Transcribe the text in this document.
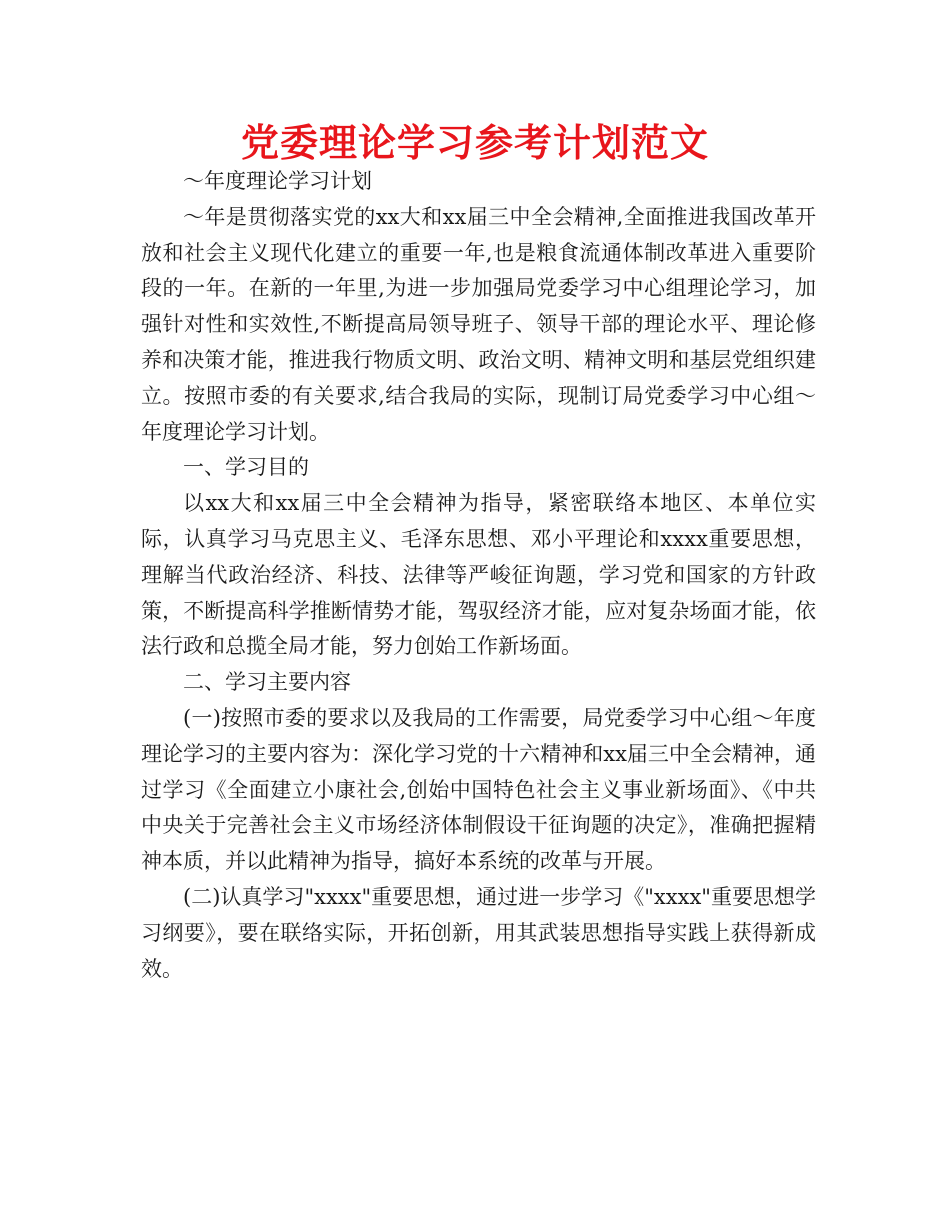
党委理论学习参考计划范文

～年度理论学习计划

～年是贯彻落实党的xx大和xx届三中全会精神,全面推进我国改革开放和社会主义现代化建立的重要一年,也是粮食流通体制改革进入重要阶段的一年。在新的一年里,为进一步加强局党委学习中心组理论学习，加强针对性和实效性,不断提高局领导班子、领导干部的理论水平、理论修养和决策才能，推进我行物质文明、政治文明、精神文明和基层党组织建立。按照市委的有关要求,结合我局的实际，现制订局党委学习中心组～年度理论学习计划。

一、学习目的

以xx大和xx届三中全会精神为指导，紧密联络本地区、本单位实际，认真学习马克思主义、毛泽东思想、邓小平理论和xxxx重要思想，理解当代政治经济、科技、法律等严峻征询题，学习党和国家的方针政策，不断提高科学推断情势才能，驾驭经济才能，应对复杂场面才能，依法行政和总揽全局才能，努力创始工作新场面。

二、学习主要内容

(一)按照市委的要求以及我局的工作需要，局党委学习中心组～年度理论学习的主要内容为：深化学习党的十六精神和xx届三中全会精神，通过学习《全面建立小康社会,创始中国特色社会主义事业新场面》、《中共中央关于完善社会主义市场经济体制假设干征询题的决定》，准确把握精神本质，并以此精神为指导，搞好本系统的改革与开展。

(二)认真学习"xxxx"重要思想，通过进一步学习《"xxxx"重要思想学习纲要》，要在联络实际，开拓创新，用其武装思想指导实践上获得新成效。
